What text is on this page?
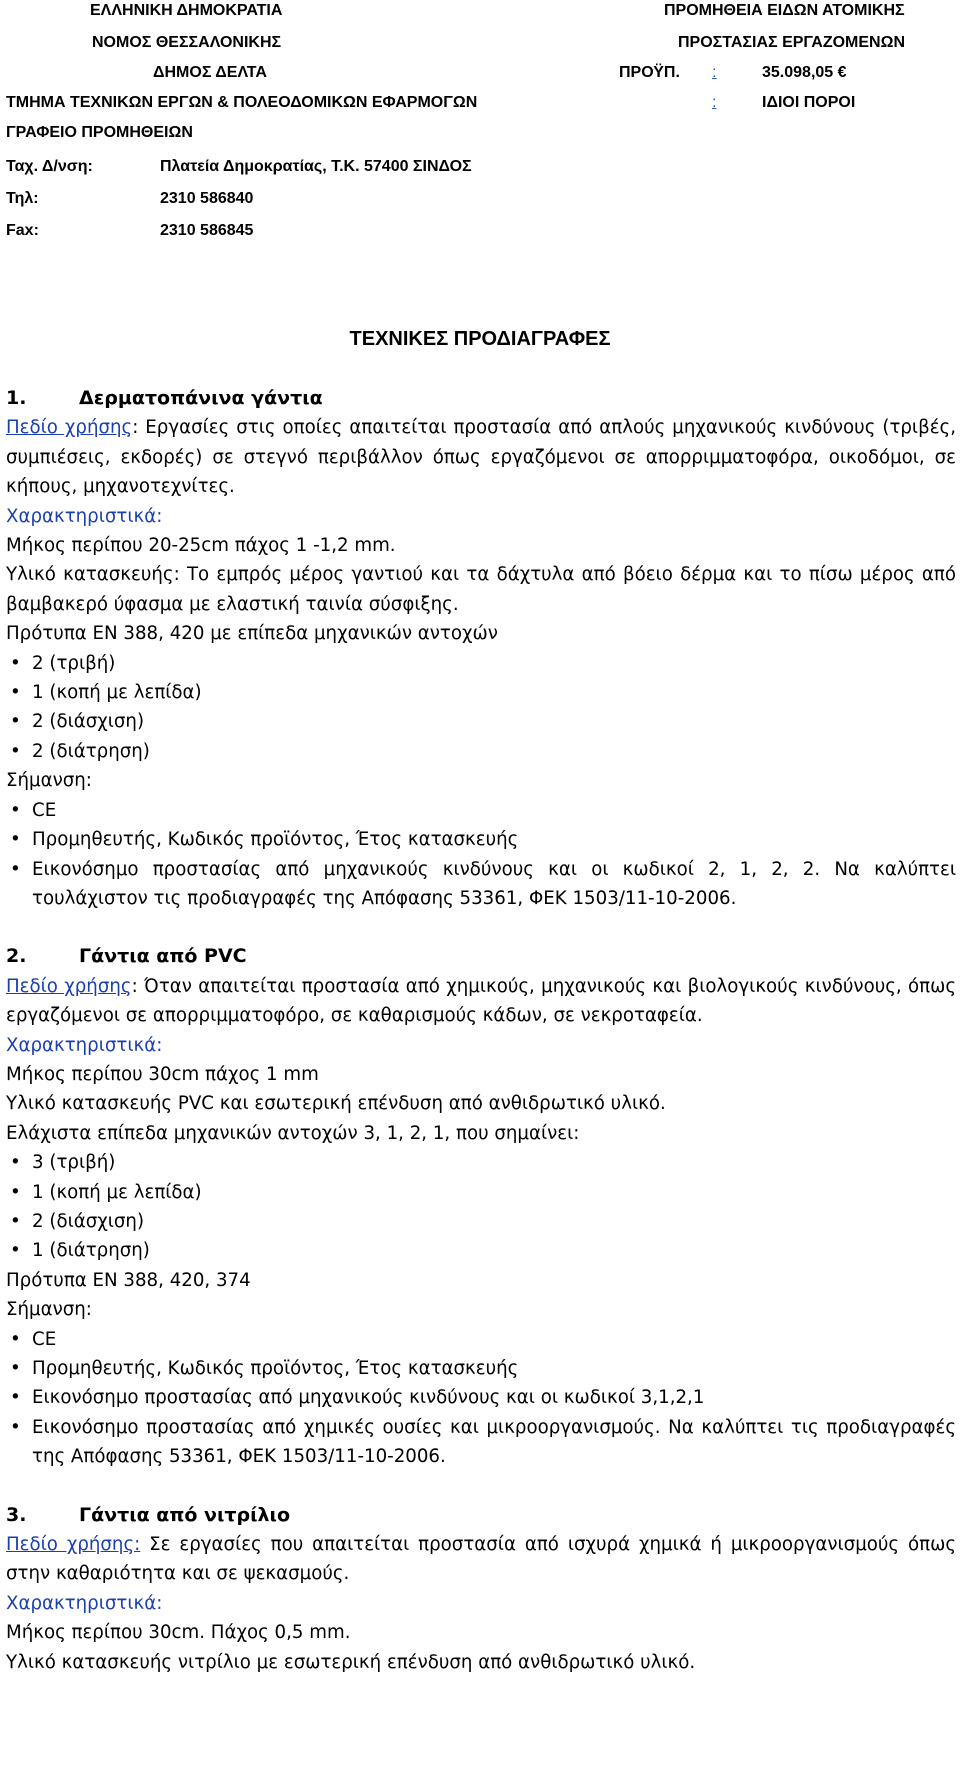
ΕΛΛΗΝΙΚΗ ΔΗΜΟΚΡΑΤΙΑ
ΝΟΜΟΣ ΘΕΣΣΑΛΟΝΙΚΗΣ
ΔΗΜΟΣ ΔΕΛΤΑ
ΤΜΗΜΑ ΤΕΧΝΙΚΩΝ ΕΡΓΩΝ & ΠΟΛΕΟΔΟΜΙΚΩΝ ΕΦΑΡΜΟΓΩΝ
ΓΡΑΦΕΙΟ ΠΡΟΜΗΘΕΙΩΝ
Ταχ. Δ/νση:	Πλατεία Δημοκρατίας, Τ.Κ. 57400 ΣΙΝΔΟΣ
Τηλ:	2310 586840
Fax:	2310 586845
ΠΡΟΜΗΘΕΙΑ ΕΙΔΩΝ ΑΤΟΜΙΚΗΣ
ΠΡΟΣΤΑΣΙΑΣ ΕΡΓΑΖΟΜΕΝΩΝ
ΠΡΟΫΠ. :	35.098,05 €
:	ΙΔΙΟΙ ΠΟΡΟΙ
ΤΕΧΝΙΚΕΣ ΠΡΟΔΙΑΓΡΑΦΕΣ

1.	Δερματοπάνινα γάντια

Πεδίο χρήσης: Εργασίες στις οποίες απαιτείται προστασία από απλούς μηχανικούς κινδύνους (τριβές, συμπιέσεις, εκδορές) σε στεγνό περιβάλλον όπως εργαζόμενοι σε απορριμματοφόρα, οικοδόμοι, σε κήπους, μηχανοτεχνίτες.

Χαρακτηριστικά:

Μήκος περίπου 20-25cm πάχος 1 -1,2 mm.

Υλικό κατασκευής: Το εμπρός μέρος γαντιού και τα δάχτυλα από βόειο δέρμα και το πίσω μέρος από βαμβακερό ύφασμα με ελαστική ταινία σύσφιξης.

Πρότυπα EN 388, 420 με επίπεδα μηχανικών αντοχών

• 2 (τριβή)
• 1 (κοπή με λεπίδα)
• 2 (διάσχιση)
• 2 (διάτρηση)

Σήμανση:

• CE
• Προμηθευτής, Κωδικός προϊόντος, Έτος κατασκευής
• Εικονόσημο προστασίας από μηχανικούς κινδύνους και οι κωδικοί 2, 1, 2, 2. Να καλύπτει τουλάχιστον τις προδιαγραφές της Απόφασης 53361, ΦΕΚ 1503/11-10-2006.

2.	Γάντια από PVC

Πεδίο χρήσης: Όταν απαιτείται προστασία από χημικούς, μηχανικούς και βιολογικούς κινδύνους, όπως εργαζόμενοι σε απορριμματοφόρο, σε καθαρισμούς κάδων, σε νεκροταφεία.

Χαρακτηριστικά:

Μήκος περίπου 30cm πάχος 1 mm

Υλικό κατασκευής PVC και εσωτερική επένδυση από ανθιδρωτικό υλικό.

Ελάχιστα επίπεδα μηχανικών αντοχών 3, 1, 2, 1, που σημαίνει:

• 3 (τριβή)
• 1 (κοπή με λεπίδα)
• 2 (διάσχιση)
• 1 (διάτρηση)

Πρότυπα EN 388, 420, 374

Σήμανση:

• CE
• Προμηθευτής, Κωδικός προϊόντος, Έτος κατασκευής
• Εικονόσημο προστασίας από μηχανικούς κινδύνους και οι κωδικοί 3,1,2,1
• Εικονόσημο προστασίας από χημικές ουσίες και μικροοργανισμούς. Να καλύπτει τις προδιαγραφές της Απόφασης 53361, ΦΕΚ 1503/11-10-2006.

3.	Γάντια από νιτρίλιο

Πεδίο χρήσης: Σε εργασίες που απαιτείται προστασία από ισχυρά χημικά ή μικροοργανισμούς όπως στην καθαριότητα και σε ψεκασμούς.

Χαρακτηριστικά:

Μήκος περίπου 30cm. Πάχος 0,5 mm.

Υλικό κατασκευής νιτρίλιο με εσωτερική επένδυση από ανθιδρωτικό υλικό.
